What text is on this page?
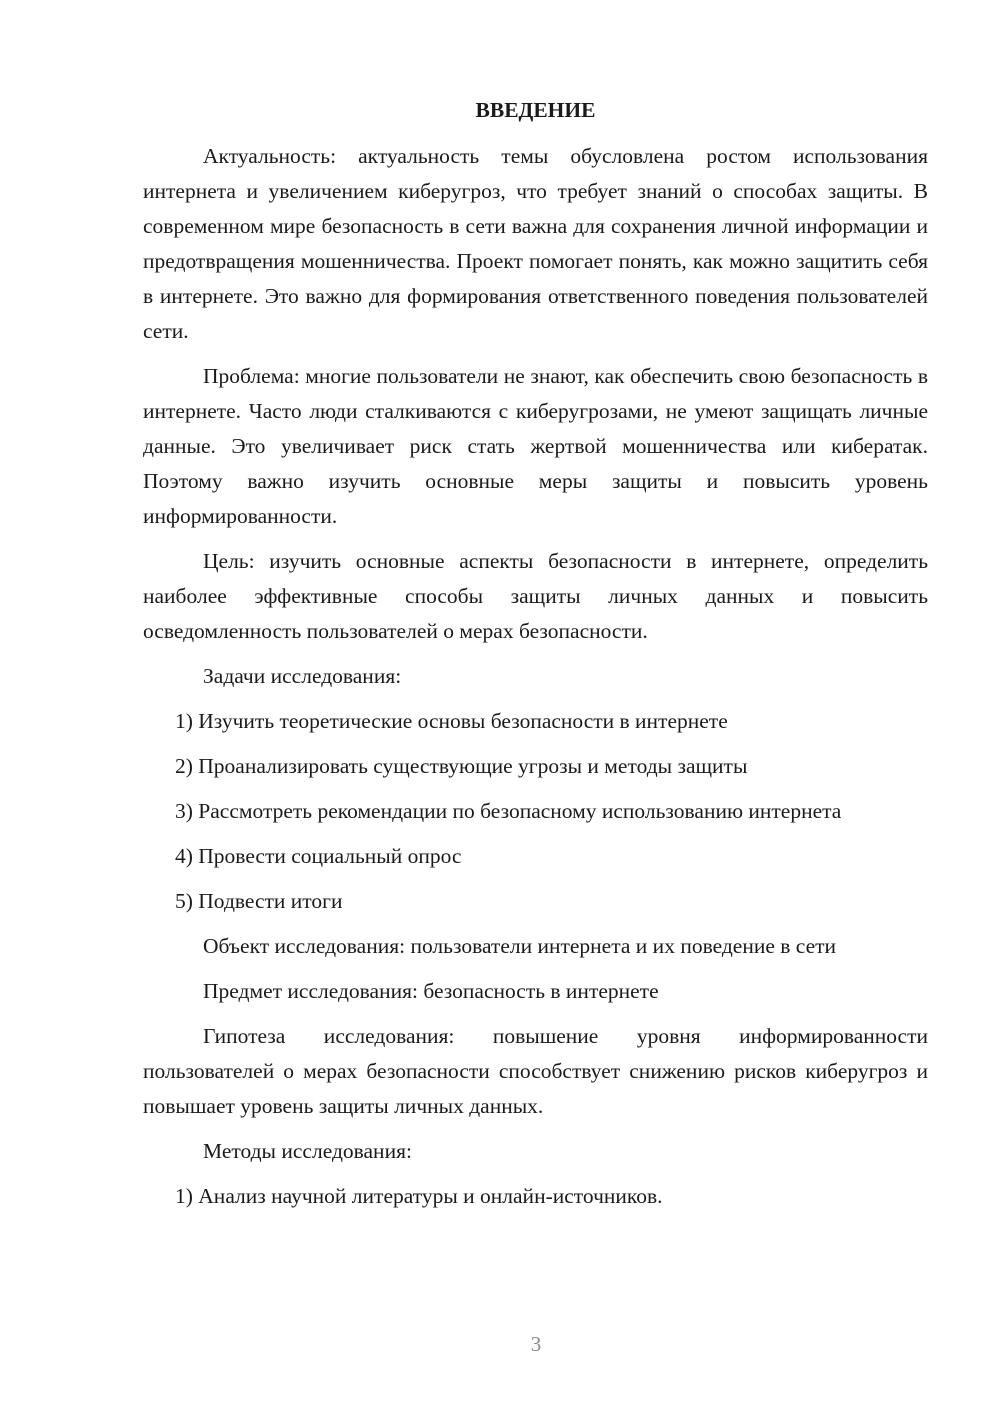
ВВЕДЕНИЕ

Актуальность: актуальность темы обусловлена ростом использования интернета и увеличением киберугроз, что требует знаний о способах защиты. В современном мире безопасность в сети важна для сохранения личной информации и предотвращения мошенничества. Проект помогает понять, как можно защитить себя в интернете. Это важно для формирования ответственного поведения пользователей сети.

Проблема: многие пользователи не знают, как обеспечить свою безопасность в интернете. Часто люди сталкиваются с киберугрозами, не умеют защищать личные данные. Это увеличивает риск стать жертвой мошенничества или кибератак. Поэтому важно изучить основные меры защиты и повысить уровень информированности.

Цель: изучить основные аспекты безопасности в интернете, определить наиболее эффективные способы защиты личных данных и повысить осведомленность пользователей о мерах безопасности.

Задачи исследования:

1) Изучить теоретические основы безопасности в интернете

2) Проанализировать существующие угрозы и методы защиты

3) Рассмотреть рекомендации по безопасному использованию интернета

4) Провести социальный опрос

5) Подвести итоги

Объект исследования: пользователи интернета и их поведение в сети

Предмет исследования: безопасность в интернете

Гипотеза исследования: повышение уровня информированности пользователей о мерах безопасности способствует снижению рисков киберугроз и повышает уровень защиты личных данных.

Методы исследования:

1) Анализ научной литературы и онлайн-источников.

3
